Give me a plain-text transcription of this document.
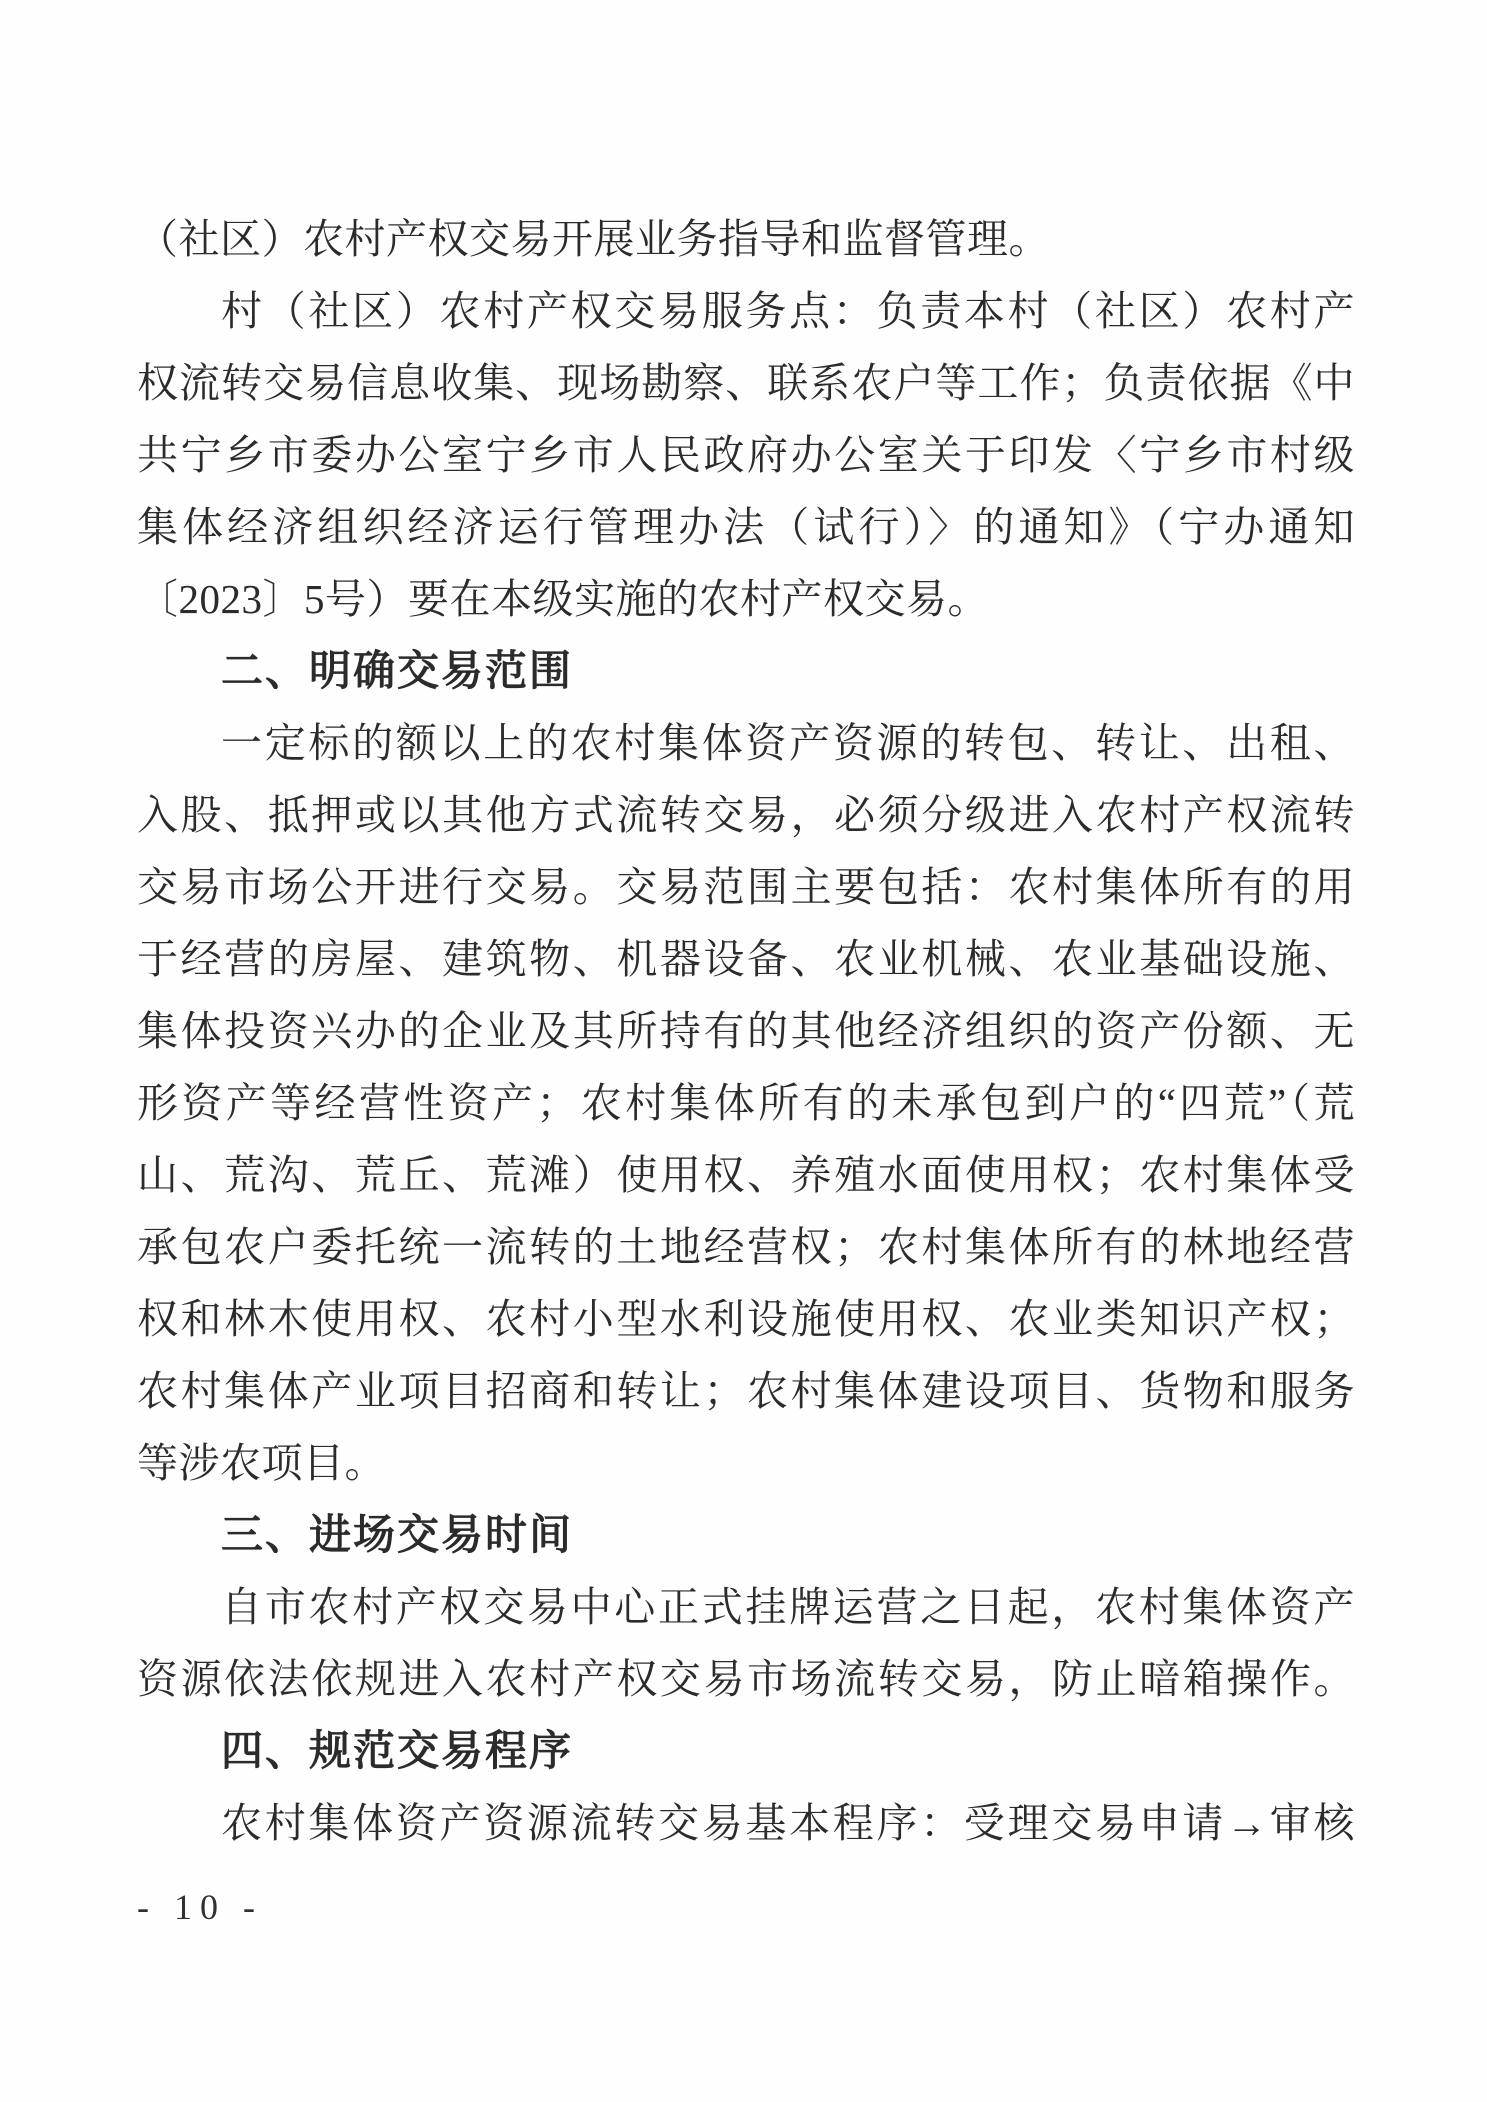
（社区）农村产权交易开展业务指导和监督管理。
村（社区）农村产权交易服务点：负责本村（社区）农村产
权流转交易信息收集、现场勘察、联系农户等工作；负责依据《中
共宁乡市委办公室宁乡市人民政府办公室关于印发〈宁乡市村级
集体经济组织经济运行管理办法（试行）〉的通知》（宁办通知
〔2023〕5号）要在本级实施的农村产权交易。
二、明确交易范围
一定标的额以上的农村集体资产资源的转包、转让、出租、
入股、抵押或以其他方式流转交易，必须分级进入农村产权流转
交易市场公开进行交易。交易范围主要包括：农村集体所有的用
于经营的房屋、建筑物、机器设备、农业机械、农业基础设施、
集体投资兴办的企业及其所持有的其他经济组织的资产份额、无
形资产等经营性资产；农村集体所有的未承包到户的“四荒”（荒
山、荒沟、荒丘、荒滩）使用权、养殖水面使用权；农村集体受
承包农户委托统一流转的土地经营权；农村集体所有的林地经营
权和林木使用权、农村小型水利设施使用权、农业类知识产权；
农村集体产业项目招商和转让；农村集体建设项目、货物和服务
等涉农项目。
三、进场交易时间
自市农村产权交易中心正式挂牌运营之日起，农村集体资产
资源依法依规进入农村产权交易市场流转交易，防止暗箱操作。
四、规范交易程序
农村集体资产资源流转交易基本程序：受理交易申请→审核
- 10 -
